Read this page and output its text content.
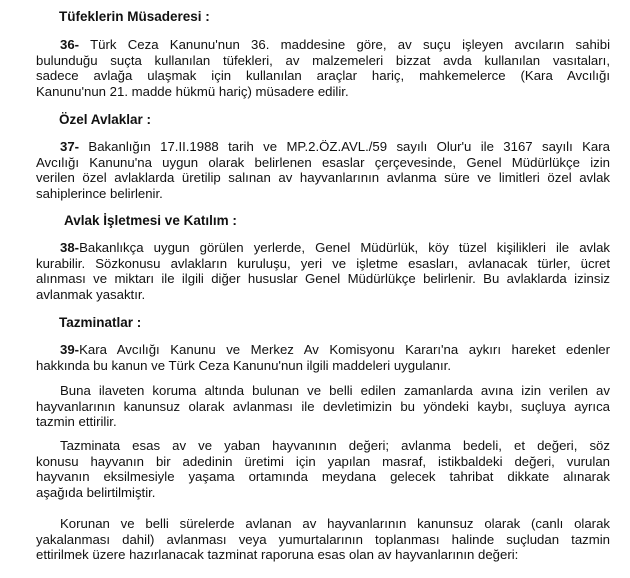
Tüfeklerin Müsaderesi :
36- Türk Ceza Kanunu'nun 36. maddesine göre, av suçu işleyen avcıların sahibi
bulunduğu suçta kullanılan tüfekleri, av malzemeleri bizzat avda kullanılan vasıtaları,
sadece avlağa ulaşmak için kullanılan araçlar hariç, mahkemelerce (Kara Avcılığı
Kanunu'nun 21. madde hükmü hariç) müsadere edilir.
Özel Avlaklar :
37- Bakanlığın 17.II.1988 tarih ve MP.2.ÖZ.AVL./59 sayılı Olur'u ile 3167 sayılı Kara
Avcılığı Kanunu'na uygun olarak belirlenen esaslar çerçevesinde, Genel Müdürlükçe izin
verilen özel avlaklarda üretilip salınan av hayvanlarının avlanma süre ve limitleri özel avlak
sahiplerince belirlenir.
Avlak İşletmesi ve Katılım :
38-Bakanlıkça uygun görülen yerlerde, Genel Müdürlük, köy tüzel kişilikleri ile avlak
kurabilir. Sözkonusu avlakların kuruluşu, yeri ve işletme esasları, avlanacak türler, ücret
alınması ve miktarı ile ilgili diğer hususlar Genel Müdürlükçe belirlenir. Bu avlaklarda izinsiz
avlanmak yasaktır.
Tazminatlar :
39-Kara Avcılığı Kanunu ve Merkez Av Komisyonu Kararı'na aykırı hareket edenler
hakkında bu kanun ve Türk Ceza Kanunu'nun ilgili maddeleri uygulanır.
Buna ilaveten koruma altında bulunan ve belli edilen zamanlarda avına izin verilen av
hayvanlarının kanunsuz olarak avlanması ile devletimizin bu yöndeki kaybı, suçluya ayrıca
tazmin ettirilir.
Tazminata esas av ve yaban hayvanının değeri; avlanma bedeli, et değeri, söz
konusu hayvanın bir adedinin üretimi için yapılan masraf, istikbaldeki değeri, vurulan
hayvanın eksilmesiyle yaşama ortamında meydana gelecek tahribat dikkate alınarak
aşağıda belirtilmiştir.
Korunan ve belli sürelerde avlanan av hayvanlarının kanunsuz olarak (canlı olarak
yakalanması dahil) avlanması veya yumurtalarının toplanması halinde suçludan tazmin
ettirilmek üzere hazırlanacak tazminat raporuna esas olan av hayvanlarının değeri:
